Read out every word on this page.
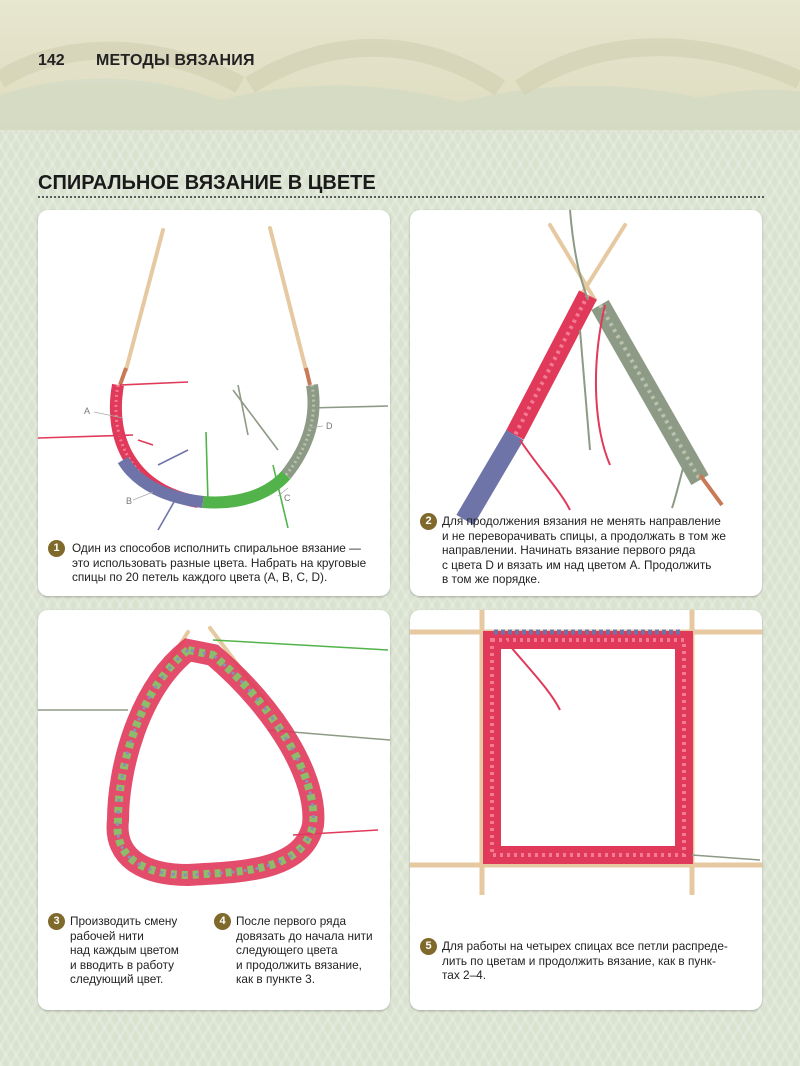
142 МЕТОДЫ ВЯЗАНИЯ
СПИРАЛЬНОЕ ВЯЗАНИЕ В ЦВЕТЕ
A
B	C
D
1	Один из способов исполнить спиральное вязание —
это использовать разные цвета. Набрать на круговые
спицы по 20 петель каждого цвета (A, B, C, D).
2 Для продолжения вязания не менять направление
и не переворачивать спицы, а продолжать в том же
направлении. Начинать вязание первого ряда
с цвета D и вязать им над цветом A. Продолжить
в том же порядке.
3 Производить смену
рабочей нити
над каждым цветом
и вводить в работу
следующий цвет.
4 После первого ряда
довязать до начала нити
следующего цвета
и продолжить вязание,
как в пункте 3.
5 Для работы на четырех спицах все петли распреде-
лить по цветам и продолжить вязание, как в пунк-
тах 2–4.
